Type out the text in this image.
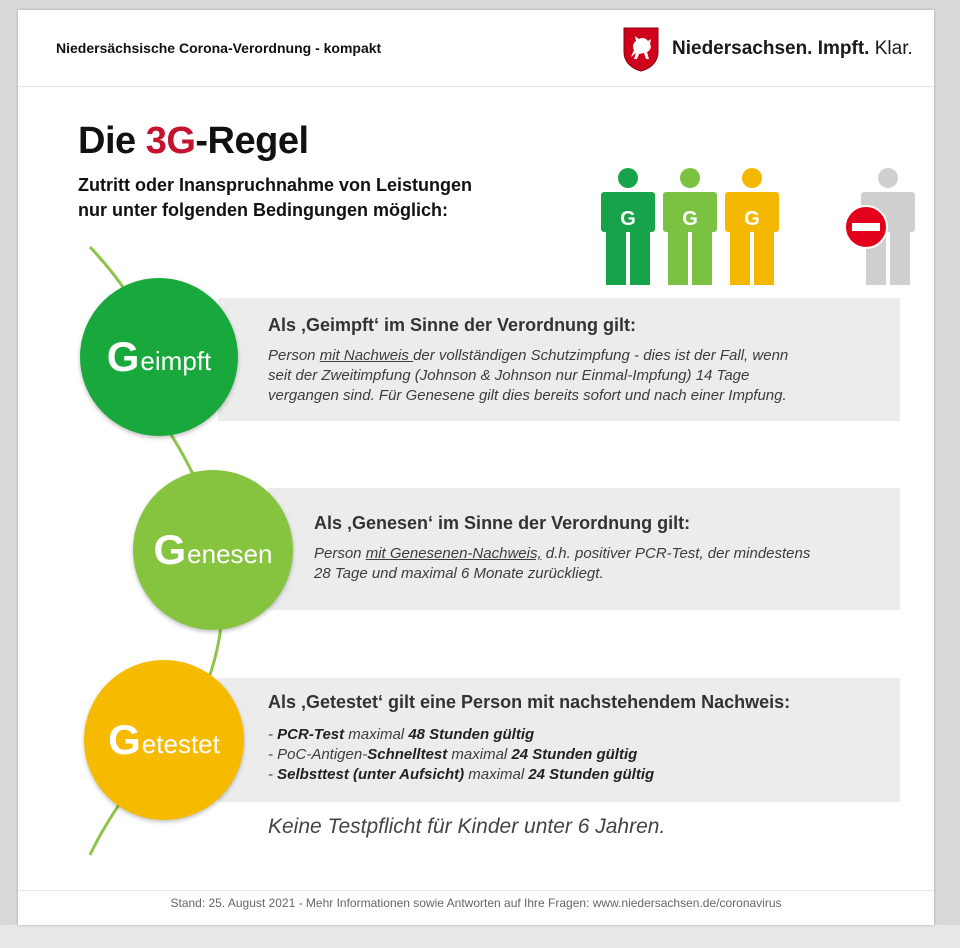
Niedersächsische Corona-Verordnung - kompakt	Niedersachsen. Impft. Klar.
Die 3G-Regel
Zutritt oder Inanspruchnahme von Leistungen
nur unter folgenden Bedingungen möglich:	G G G
Als ‚Geimpft‘ im Sinne der Verordnung gilt:
Person mit Nachweis der vollständigen Schutzimpfung - dies ist der Fall, wenn
seit der Zweitimpfung (Johnson & Johnson nur Einmal-Impfung) 14 Tage
vergangen sind. Für Genesene gilt dies bereits sofort und nach einer Impfung.
Als ‚Genesen‘ im Sinne der Verordnung gilt:
Person mit Genesenen-Nachweis, d.h. positiver PCR-Test, der mindestens
28 Tage und maximal 6 Monate zurückliegt.
Als ‚Getestet‘ gilt eine Person mit nachstehendem Nachweis:
- PCR-Test maximal 48 Stunden gültig
- PoC-Antigen-Schnelltest maximal 24 Stunden gültig
- Selbsttest (unter Aufsicht) maximal 24 Stunden gültig
G eimpft
G enesen
G etestet
Keine Testpflicht für Kinder unter 6 Jahren.
Stand: 25. August 2021 - Mehr Informationen sowie Antworten auf Ihre Fragen: www.niedersachsen.de/coronavirus
